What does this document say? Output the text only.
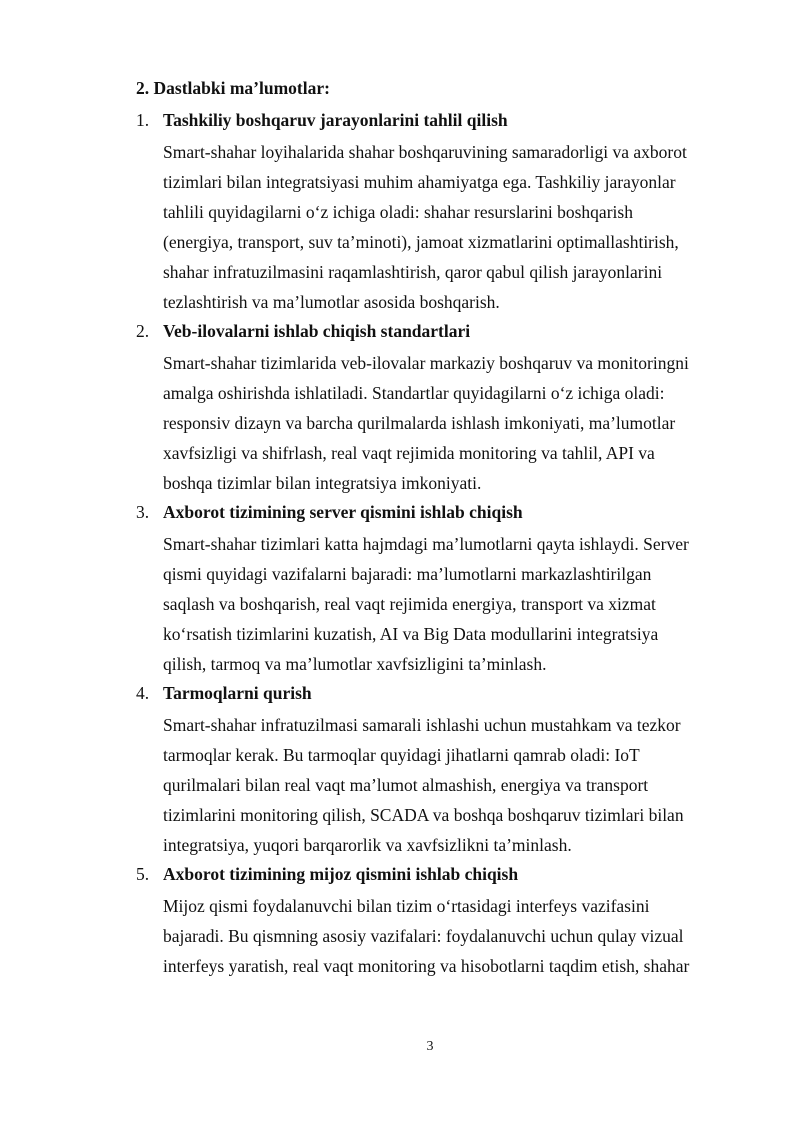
2. Dastlabki ma’lumotlar:
1. Tashkiliy boshqaruv jarayonlarini tahlil qilish
Smart-shahar loyihalarida shahar boshqaruvining samaradorligi va axborot
tizimlari bilan integratsiyasi muhim ahamiyatga ega. Tashkiliy jarayonlar
tahlili quyidagilarni o‘z ichiga oladi: shahar resurslarini boshqarish
(energiya, transport, suv ta’minoti), jamoat xizmatlarini optimallashtirish,
shahar infratuzilmasini raqamlashtirish, qaror qabul qilish jarayonlarini
tezlashtirish va ma’lumotlar asosida boshqarish.
2. Veb-ilovalarni ishlab chiqish standartlari
Smart-shahar tizimlarida veb-ilovalar markaziy boshqaruv va monitoringni
amalga oshirishda ishlatiladi. Standartlar quyidagilarni o‘z ichiga oladi:
responsiv dizayn va barcha qurilmalarda ishlash imkoniyati, ma’lumotlar
xavfsizligi va shifrlash, real vaqt rejimida monitoring va tahlil, API va
boshqa tizimlar bilan integratsiya imkoniyati.
3. Axborot tizimining server qismini ishlab chiqish
Smart-shahar tizimlari katta hajmdagi ma’lumotlarni qayta ishlaydi. Server
qismi quyidagi vazifalarni bajaradi: ma’lumotlarni markazlashtirilgan
saqlash va boshqarish, real vaqt rejimida energiya, transport va xizmat
ko‘rsatish tizimlarini kuzatish, AI va Big Data modullarini integratsiya
qilish, tarmoq va ma’lumotlar xavfsizligini ta’minlash.
4. Tarmoqlarni qurish
Smart-shahar infratuzilmasi samarali ishlashi uchun mustahkam va tezkor
tarmoqlar kerak. Bu tarmoqlar quyidagi jihatlarni qamrab oladi: IoT
qurilmalari bilan real vaqt ma’lumot almashish, energiya va transport
tizimlarini monitoring qilish, SCADA va boshqa boshqaruv tizimlari bilan
integratsiya, yuqori barqarorlik va xavfsizlikni ta’minlash.
5. Axborot tizimining mijoz qismini ishlab chiqish
Mijoz qismi foydalanuvchi bilan tizim o‘rtasidagi interfeys vazifasini
bajaradi. Bu qismning asosiy vazifalari: foydalanuvchi uchun qulay vizual
interfeys yaratish, real vaqt monitoring va hisobotlarni taqdim etish, shahar
3
